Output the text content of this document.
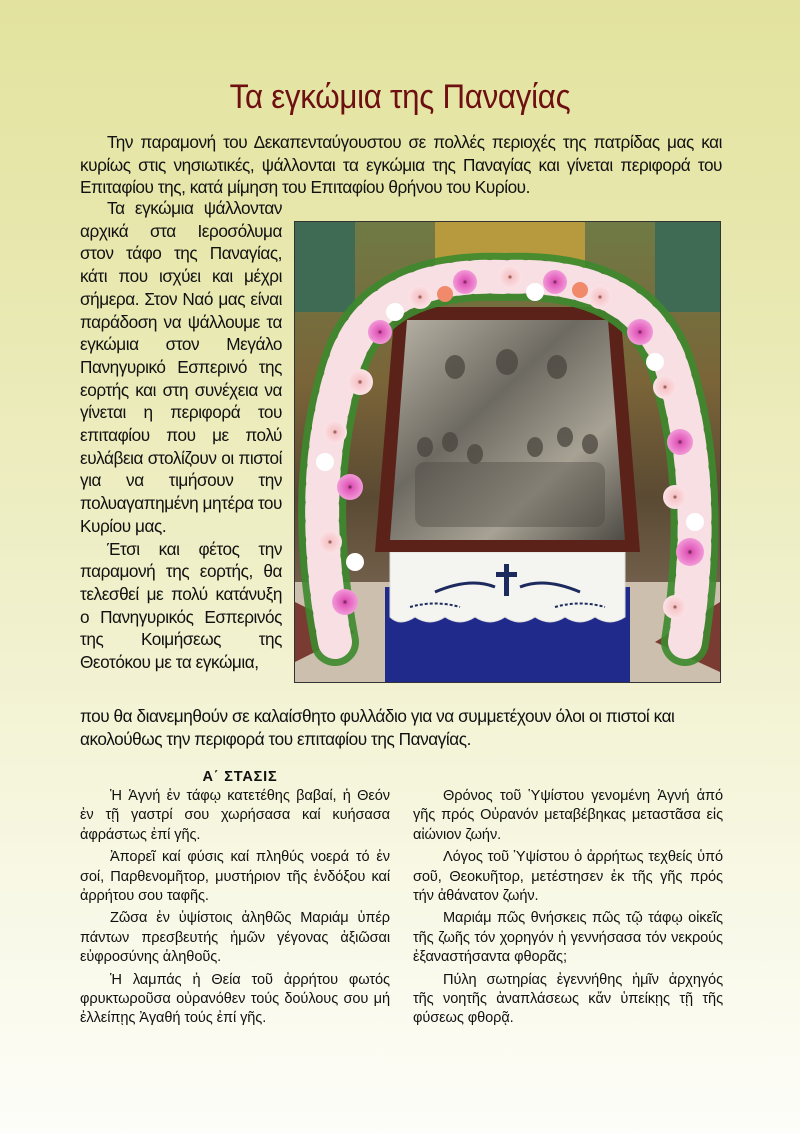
Τα εγκώμια της Παναγίας
Την παραμονή του Δεκαπενταύγουστου σε πολλές περιοχές της πατρίδας μας και κυρίως στις νησιωτικές, ψάλλονται τα εγκώμια της Παναγίας και γίνεται περιφορά του Επιταφίου της, κατά μίμηση του Επιταφίου θρήνου του Κυρίου.

Τα εγκώμια ψάλλονταν αρχικά στα Ιεροσόλυμα στον τάφο της Παναγίας, κάτι που ισχύει και μέχρι σήμερα. Στον Ναό μας είναι παράδοση να ψάλλουμε τα εγκώμια στον Μεγάλο Πανηγυρικό Εσπερινό της εορτής και στη συνέχεια να γίνεται η περιφορά του επιταφίου που με πολύ ευλάβεια στολίζουν οι πιστοί για να τιμήσουν την πολυαγαπημένη μητέρα του Κυρίου μας.

Έτσι και φέτος την παραμονή της εορτής, θα τελεσθεί με πολύ κατάνυξη ο Πανηγυρικός Εσπερινός της Κοιμήσεως της Θεοτόκου με τα εγκώμια,

που θα διανεμηθούν σε καλαίσθητο φυλλάδιο για να συμμετέχουν όλοι οι πιστοί και ακολούθως την περιφορά του επιταφίου της Παναγίας.

Α΄ ΣΤΑΣΙΣ

Ἡ Ἁγνή ἐν τάφῳ κατετέθης βαβαί, ἡ Θεόν ἐν τῇ γαστρί σου χωρήσασα καί κυήσασα ἀφράστως ἐπί γῆς.

Ἀπορεῖ καί φύσις καί πληθύς νοερά τό ἐν σοί, Παρθενομῆτορ, μυστήριον τῆς ἐνδόξου καί ἀρρήτου σου ταφῆς.

Ζῶσα ἐν ὑψίστοις ἀληθῶς Μαριάμ ὑπέρ πάντων πρεσβευτής ἡμῶν γέγονας ἀξιῶσαι εὐφροσύνης ἀληθοῦς.

Ἡ λαμπάς ἡ Θεία τοῦ ἀρρήτου φωτός φρυκτωροῦσα οὐρανόθεν τούς δούλους σου μή ἐλλείπῃς Ἀγαθή τούς ἐπί γῆς.

Θρόνος τοῦ Ὑψίστου γενομένη Ἁγνή ἀπό γῆς πρός Οὐρανόν μεταβέβηκας μεταστᾶσα εἰς αἰώνιον ζωήν.

Λόγος τοῦ Ὑψίστου ὁ ἀρρήτως τεχθείς ὑπό σοῦ, Θεοκυῆτορ, μετέστησεν ἐκ τῆς γῆς πρός τήν ἀθάνατον ζωήν.

Μαριάμ πῶς θνήσκεις πῶς τῷ τάφῳ οἰκεῖς τῆς ζωῆς τόν χορηγόν ἡ γεννήσασα τόν νεκρούς ἐξαναστήσαντα φθορᾶς;

Πύλη σωτηρίας ἐγεννήθης ἡμῖν ἀρχηγός τῆς νοητῆς ἀναπλάσεως κἄν ὑπείκῃς τῇ τῆς φύσεως φθορᾷ.
